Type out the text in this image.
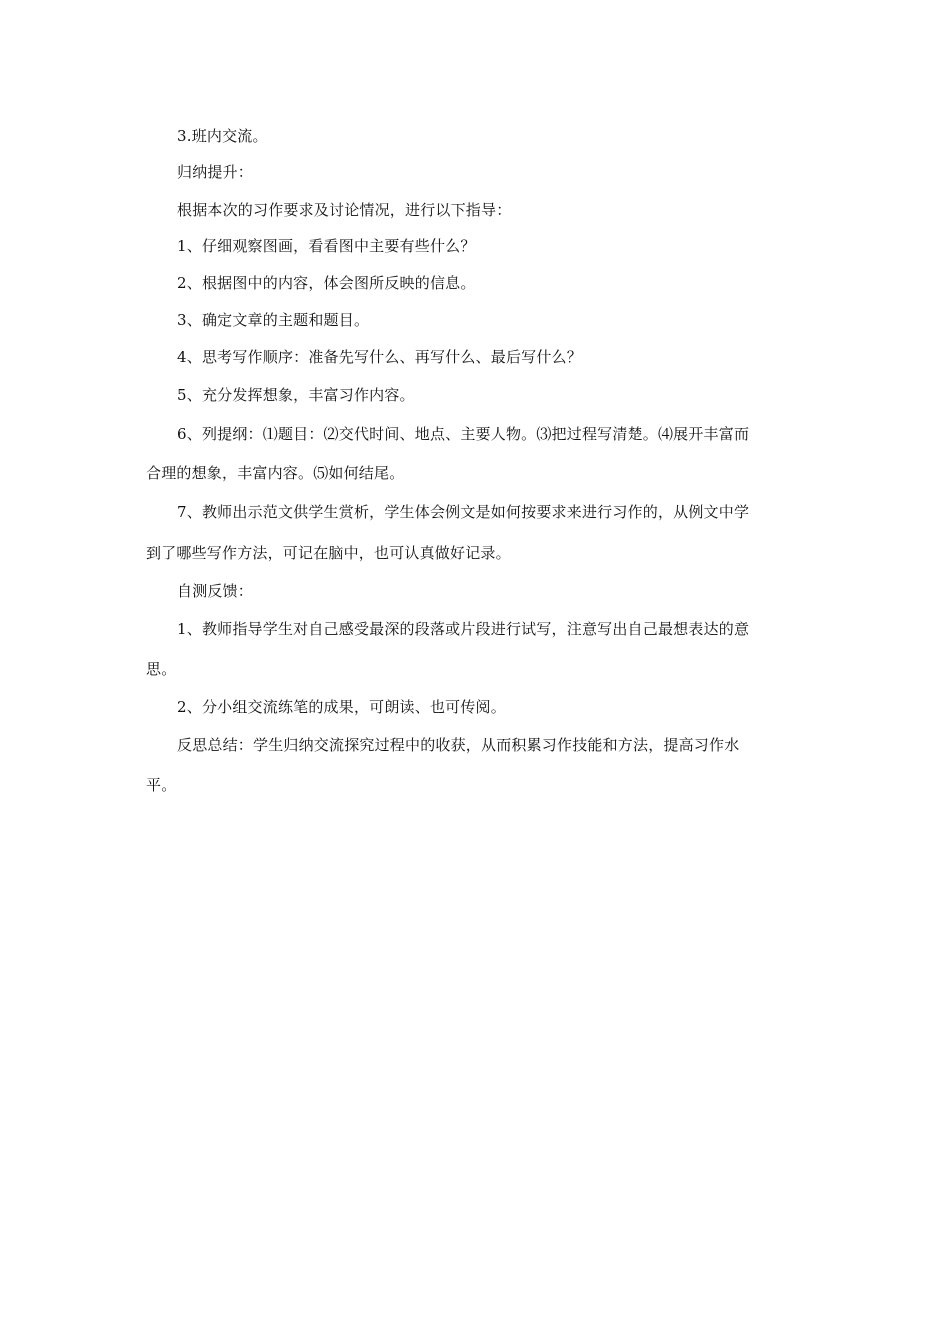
3.班内交流。
归纳提升：
根据本次的习作要求及讨论情况，进行以下指导：
1、仔细观察图画，看看图中主要有些什么？
2、根据图中的内容，体会图所反映的信息。
3、确定文章的主题和题目。
4、思考写作顺序：准备先写什么、再写什么、最后写什么？
5、充分发挥想象，丰富习作内容。
6、列提纲：⑴题目：⑵交代时间、地点、主要人物。⑶把过程写清楚。⑷展开丰富而
合理的想象，丰富内容。⑸如何结尾。
7、教师出示范文供学生赏析，学生体会例文是如何按要求来进行习作的，从例文中学
到了哪些写作方法，可记在脑中，也可认真做好记录。
自测反馈：
1、教师指导学生对自己感受最深的段落或片段进行试写，注意写出自己最想表达的意
思。
2、分小组交流练笔的成果，可朗读、也可传阅。
反思总结：学生归纳交流探究过程中的收获，从而积累习作技能和方法，提高习作水
平。
